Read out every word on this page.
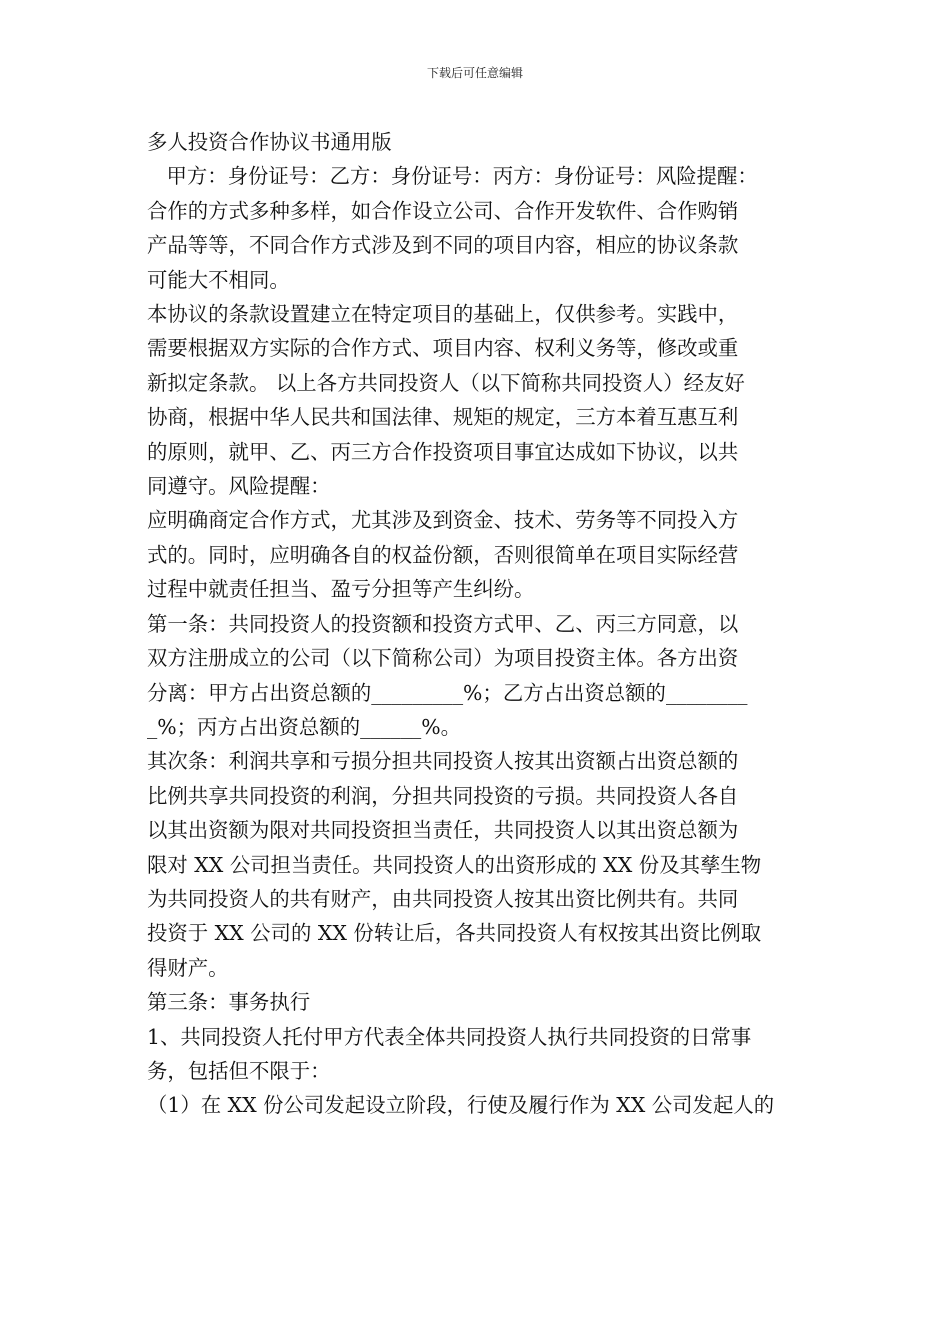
下载后可任意编辑

多人投资合作协议书通用版

甲方：身份证号：乙方：身份证号：丙方：身份证号：风险提醒：

合作的方式多种多样，如合作设立公司、合作开发软件、合作购销

产品等等，不同合作方式涉及到不同的项目内容，相应的协议条款

可能大不相同。

本协议的条款设置建立在特定项目的基础上，仅供参考。实践中，

需要根据双方实际的合作方式、项目内容、权利义务等，修改或重

新拟定条款。 以上各方共同投资人（以下简称共同投资人）经友好

协商，根据中华人民共和国法律、规矩的规定，三方本着互惠互利

的原则，就甲、乙、丙三方合作投资项目事宜达成如下协议，以共

同遵守。风险提醒：

应明确商定合作方式，尤其涉及到资金、技术、劳务等不同投入方

式的。同时，应明确各自的权益份额，否则很简单在项目实际经营

过程中就责任担当、盈亏分担等产生纠纷。

第一条：共同投资人的投资额和投资方式甲、乙、丙三方同意，以

双方注册成立的公司（以下简称公司）为项目投资主体。各方出资

分离：甲方占出资总额的_________%；乙方占出资总额的________

_%；丙方占出资总额的______%。

其次条：利润共享和亏损分担共同投资人按其出资额占出资总额的

比例共享共同投资的利润，分担共同投资的亏损。共同投资人各自

以其出资额为限对共同投资担当责任，共同投资人以其出资总额为

限对 XX 公司担当责任。共同投资人的出资形成的 XX 份及其孳生物

为共同投资人的共有财产，由共同投资人按其出资比例共有。共同

投资于 XX 公司的 XX 份转让后，各共同投资人有权按其出资比例取

得财产。

第三条：事务执行

1、共同投资人托付甲方代表全体共同投资人执行共同投资的日常事

务，包括但不限于：

（1）在 XX 份公司发起设立阶段，行使及履行作为 XX 公司发起人的
